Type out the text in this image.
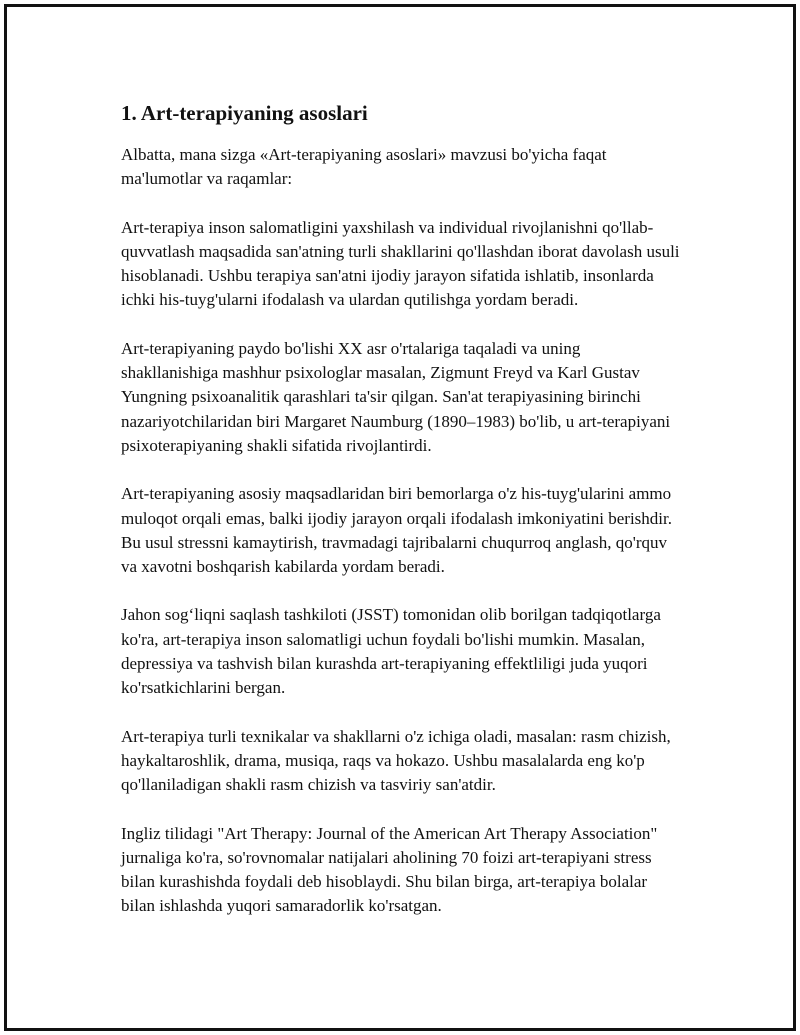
1. Art-terapiyaning asoslari

Albatta, mana sizga «Art-terapiyaning asoslari» mavzusi bo'yicha faqat ma'lumotlar va raqamlar:

Art-terapiya inson salomatligini yaxshilash va individual rivojlanishni qo'llab-quvvatlash maqsadida san'atning turli shakllarini qo'llashdan iborat davolash usuli hisoblanadi. Ushbu terapiya san'atni ijodiy jarayon sifatida ishlatib, insonlarda ichki his-tuyg'ularni ifodalash va ulardan qutilishga yordam beradi.

Art-terapiyaning paydo bo'lishi XX asr o'rtalariga taqaladi va uning shakllanishiga mashhur psixologlar masalan, Zigmunt Freyd va Karl Gustav Yungning psixoanalitik qarashlari ta'sir qilgan. San'at terapiyasining birinchi nazariyotchilaridan biri Margaret Naumburg (1890–1983) bo'lib, u art-terapiyani psixoterapiyaning shakli sifatida rivojlantirdi.

Art-terapiyaning asosiy maqsadlaridan biri bemorlarga o'z his-tuyg'ularini ammo muloqot orqali emas, balki ijodiy jarayon orqali ifodalash imkoniyatini berishdir. Bu usul stressni kamaytirish, travmadagi tajribalarni chuqurroq anglash, qo'rquv va xavotni boshqarish kabilarda yordam beradi.

Jahon sog‘liqni saqlash tashkiloti (JSST) tomonidan olib borilgan tadqiqotlarga ko'ra, art-terapiya inson salomatligi uchun foydali bo'lishi mumkin. Masalan, depressiya va tashvish bilan kurashda art-terapiyaning effektliligi juda yuqori ko'rsatkichlarini bergan.

Art-terapiya turli texnikalar va shakllarni o'z ichiga oladi, masalan: rasm chizish, haykaltaroshlik, drama, musiqa, raqs va hokazo. Ushbu masalalarda eng ko'p qo'llaniladigan shakli rasm chizish va tasviriy san'atdir.

Ingliz tilidagi "Art Therapy: Journal of the American Art Therapy Association" jurnaliga ko'ra, so'rovnomalar natijalari aholining 70 foizi art-terapiyani stress bilan kurashishda foydali deb hisoblaydi. Shu bilan birga, art-terapiya bolalar bilan ishlashda yuqori samaradorlik ko'rsatgan.
